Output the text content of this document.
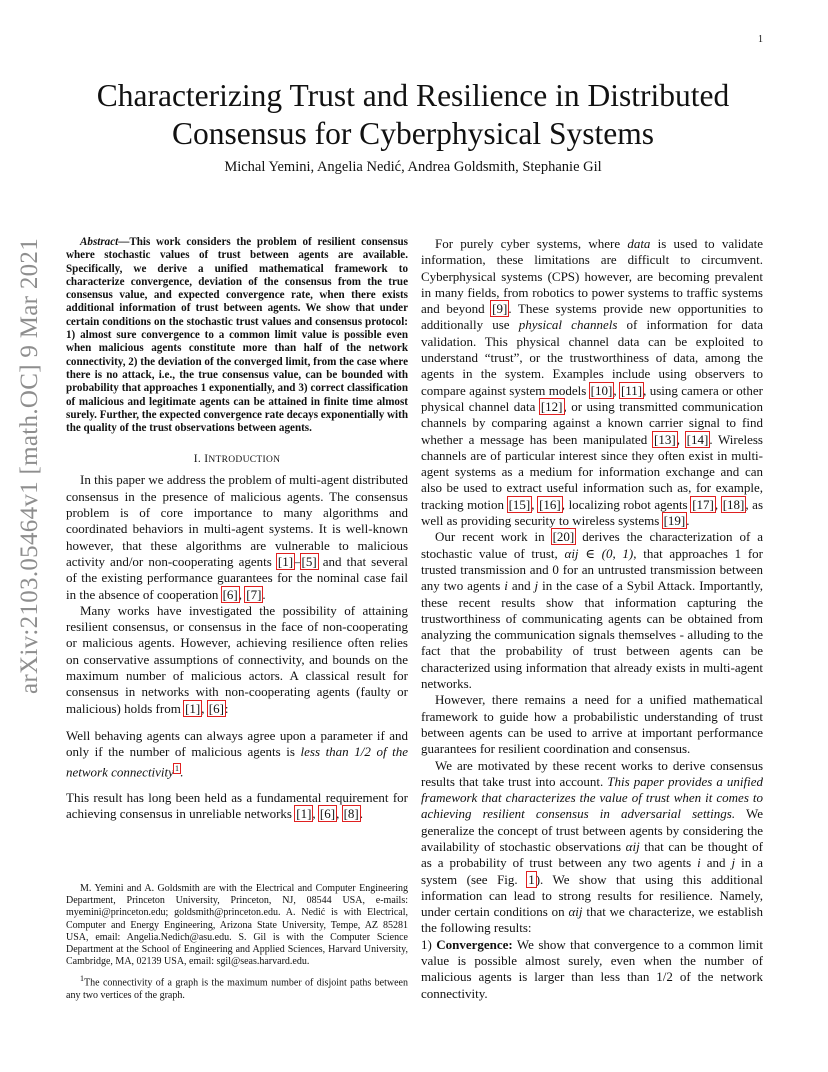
1
arXiv:2103.05464v1 [math.OC] 9 Mar 2021
Characterizing Trust and Resilience in Distributed Consensus for Cyberphysical Systems
Michal Yemini, Angelia Nedić, Andrea Goldsmith, Stephanie Gil

Abstract—This work considers the problem of resilient consensus where stochastic values of trust between agents are available. Specifically, we derive a unified mathematical framework to characterize convergence, deviation of the consensus from the true consensus value, and expected convergence rate, when there exists additional information of trust between agents. We show that under certain conditions on the stochastic trust values and consensus protocol: 1) almost sure convergence to a common limit value is possible even when malicious agents constitute more than half of the network connectivity, 2) the deviation of the converged limit, from the case where there is no attack, i.e., the true consensus value, can be bounded with probability that approaches 1 exponentially, and 3) correct classification of malicious and legitimate agents can be attained in finite time almost surely. Further, the expected convergence rate decays exponentially with the quality of the trust observations between agents.

I. INTRODUCTION

In this paper we address the problem of multi-agent distributed consensus in the presence of malicious agents. The consensus problem is of core importance to many algorithms and coordinated behaviors in multi-agent systems. It is well-known however, that these algorithms are vulnerable to malicious activity and/or non-cooperating agents [1]–[5] and that several of the existing performance guarantees for the nominal case fail in the absence of cooperation [6], [7].

Many works have investigated the possibility of attaining resilient consensus, or consensus in the face of non-cooperating or malicious agents. However, achieving resilience often relies on conservative assumptions of connectivity, and bounds on the maximum number of malicious actors. A classical result for consensus in networks with non-cooperating agents (faulty or malicious) holds from [1], [6]:

Well behaving agents can always agree upon a parameter if and only if the number of malicious agents is less than 1/2 of the network connectivity$^1$.

This result has long been held as a fundamental requirement for achieving consensus in unreliable networks [1], [6], [8].

M. Yemini and A. Goldsmith are with the Electrical and Computer Engineering Department, Princeton University, Princeton, NJ, 08544 USA, e-mails: myemini@princeton.edu; goldsmith@princeton.edu. A. Nedić is with Electrical, Computer and Energy Engineering, Arizona State University, Tempe, AZ 85281 USA, email: Angelia.Nedich@asu.edu. S. Gil is with the Computer Science Department at the School of Engineering and Applied Sciences, Harvard University, Cambridge, MA, 02139 USA, email: sgil@seas.harvard.edu.

$^1$The connectivity of a graph is the maximum number of disjoint paths between any two vertices of the graph.

For purely cyber systems, where data is used to validate information, these limitations are difficult to circumvent. Cyberphysical systems (CPS) however, are becoming prevalent in many fields, from robotics to power systems to traffic systems and beyond [9]. These systems provide new opportunities to additionally use physical channels of information for data validation. This physical channel data can be exploited to understand “trust”, or the trustworthiness of data, among the agents in the system. Examples include using observers to compare against system models [10], [11], using camera or other physical channel data [12], or using transmitted communication channels by comparing against a known carrier signal to find whether a message has been manipulated [13], [14]. Wireless channels are of particular interest since they often exist in multi-agent systems as a medium for information exchange and can also be used to extract useful information such as, for example, tracking motion [15], [16], localizing robot agents [17], [18], as well as providing security to wireless systems [19].

Our recent work in [20] derives the characterization of a stochastic value of trust, αij ∈ (0, 1), that approaches 1 for trusted transmission and 0 for an untrusted transmission between any two agents i and j in the case of a Sybil Attack. Importantly, these recent results show that information capturing the trustworthiness of communicating agents can be obtained from analyzing the communication signals themselves - alluding to the fact that the probability of trust between agents can be characterized using information that already exists in multi-agent networks.

However, there remains a need for a unified mathematical framework to guide how a probabilistic understanding of trust between agents can be used to arrive at important performance guarantees for resilient coordination and consensus.

We are motivated by these recent works to derive consensus results that take trust into account. This paper provides a unified framework that characterizes the value of trust when it comes to achieving resilient consensus in adversarial settings. We generalize the concept of trust between agents by considering the availability of stochastic observations αij that can be thought of as a probability of trust between any two agents i and j in a system (see Fig. 1). We show that using this additional information can lead to strong results for resilience. Namely, under certain conditions on αij that we characterize, we establish the following results:

1) Convergence: We show that convergence to a common limit value is possible almost surely, even when the number of malicious agents is larger than less than 1/2 of the network connectivity.
